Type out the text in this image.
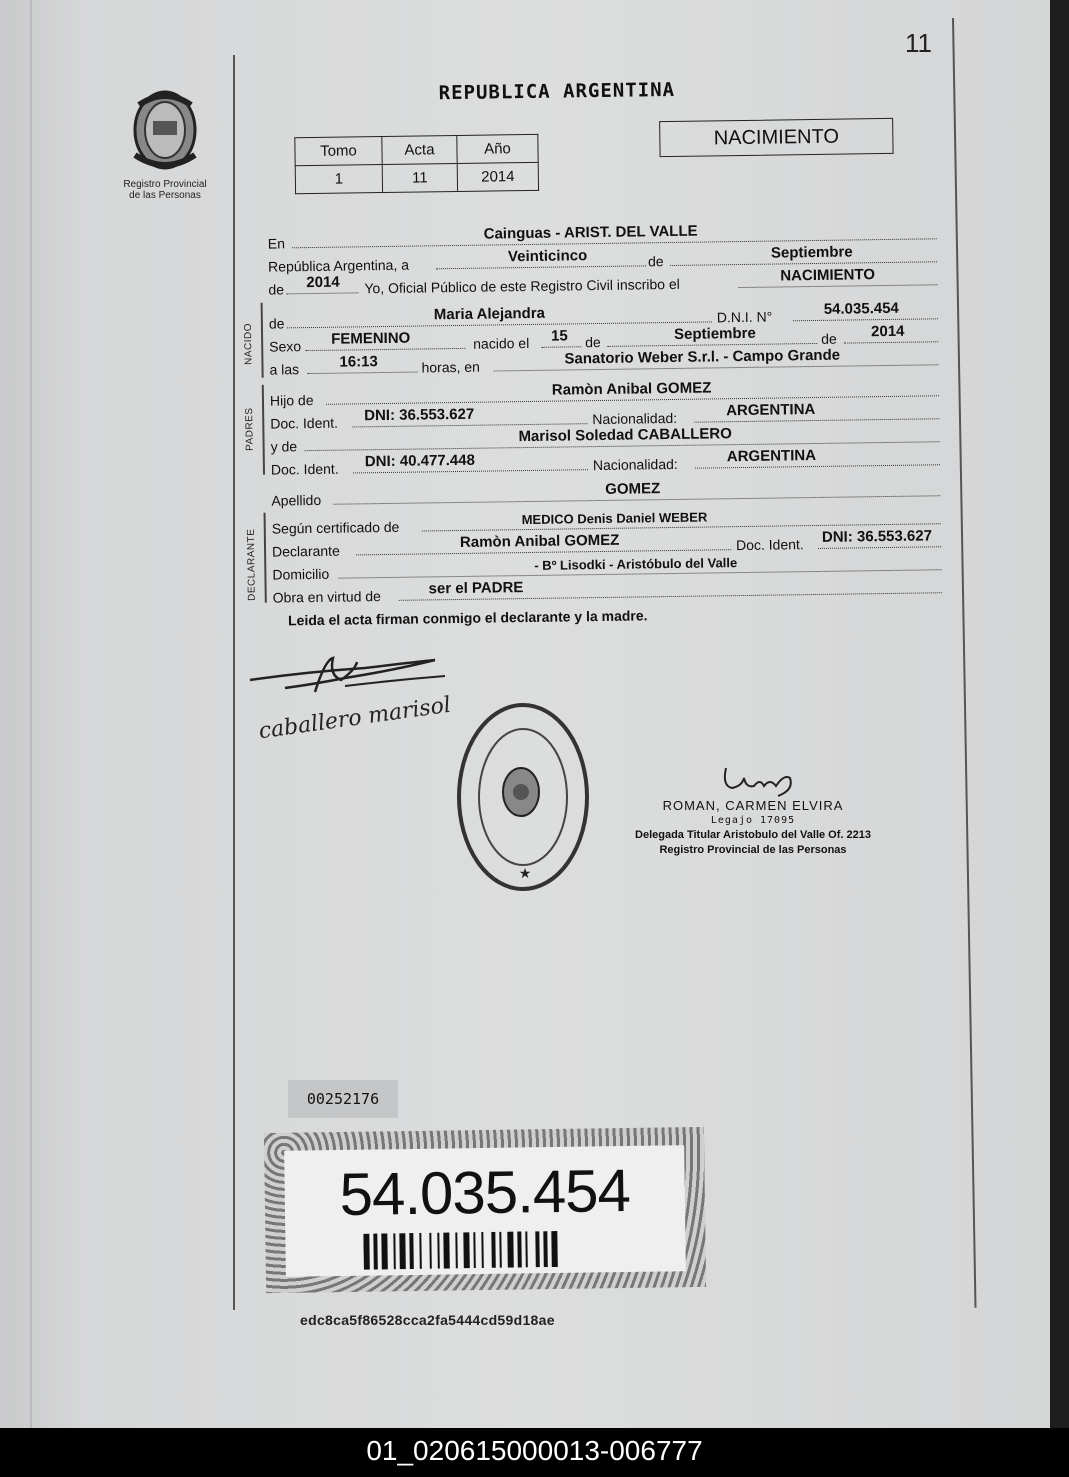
11
Registro Provincial
de las Personas
REPUBLICA ARGENTINA
Tomo	Acta	Año
1	11	2014
NACIMIENTO
En
Cainguas - ARIST. DEL VALLE
República Argentina, a
Veinticinco	de	Septiembre
de 2014 Yo, Oficial Público de este Registro Civil inscribo el
NACIMIENTO
de
Maria Alejandra	D.N.I. N°	54.035.454
Sexo FEMENINO	nacido el 15 de	Septiembre	de 2014
a las	16:13	horas, en	Sanatorio Weber S.r.l. - Campo Grande
Hijo de
Ramòn Anibal GOMEZ
Doc. Ident. DNI: 36.553.627	Nacionalidad:	ARGENTINA
y de
Marisol Soledad CABALLERO
Doc. Ident. DNI: 40.477.448	Nacionalidad:	ARGENTINA
Apellido
GOMEZ
Según certificado de
MEDICO Denis Daniel WEBER
Declarante
Ramòn Anibal GOMEZ	Doc. Ident. DNI: 36.553.627
Domicilio
- Bº Lisodki - Aristóbulo del Valle
Obra en virtud de	ser el PADRE
NACIDO
PADRES
DECLARANTE
Leida el acta firman conmigo el declarante y la madre.
caballero marisol
★
ROMAN, CARMEN ELVIRA
Legajo 17095
Delegada Titular Aristobulo del Valle Of. 2213
Registro Provincial de las Personas
00252176
54.035.454
edc8ca5f86528cca2fa5444cd59d18ae
01_020615000013-006777
